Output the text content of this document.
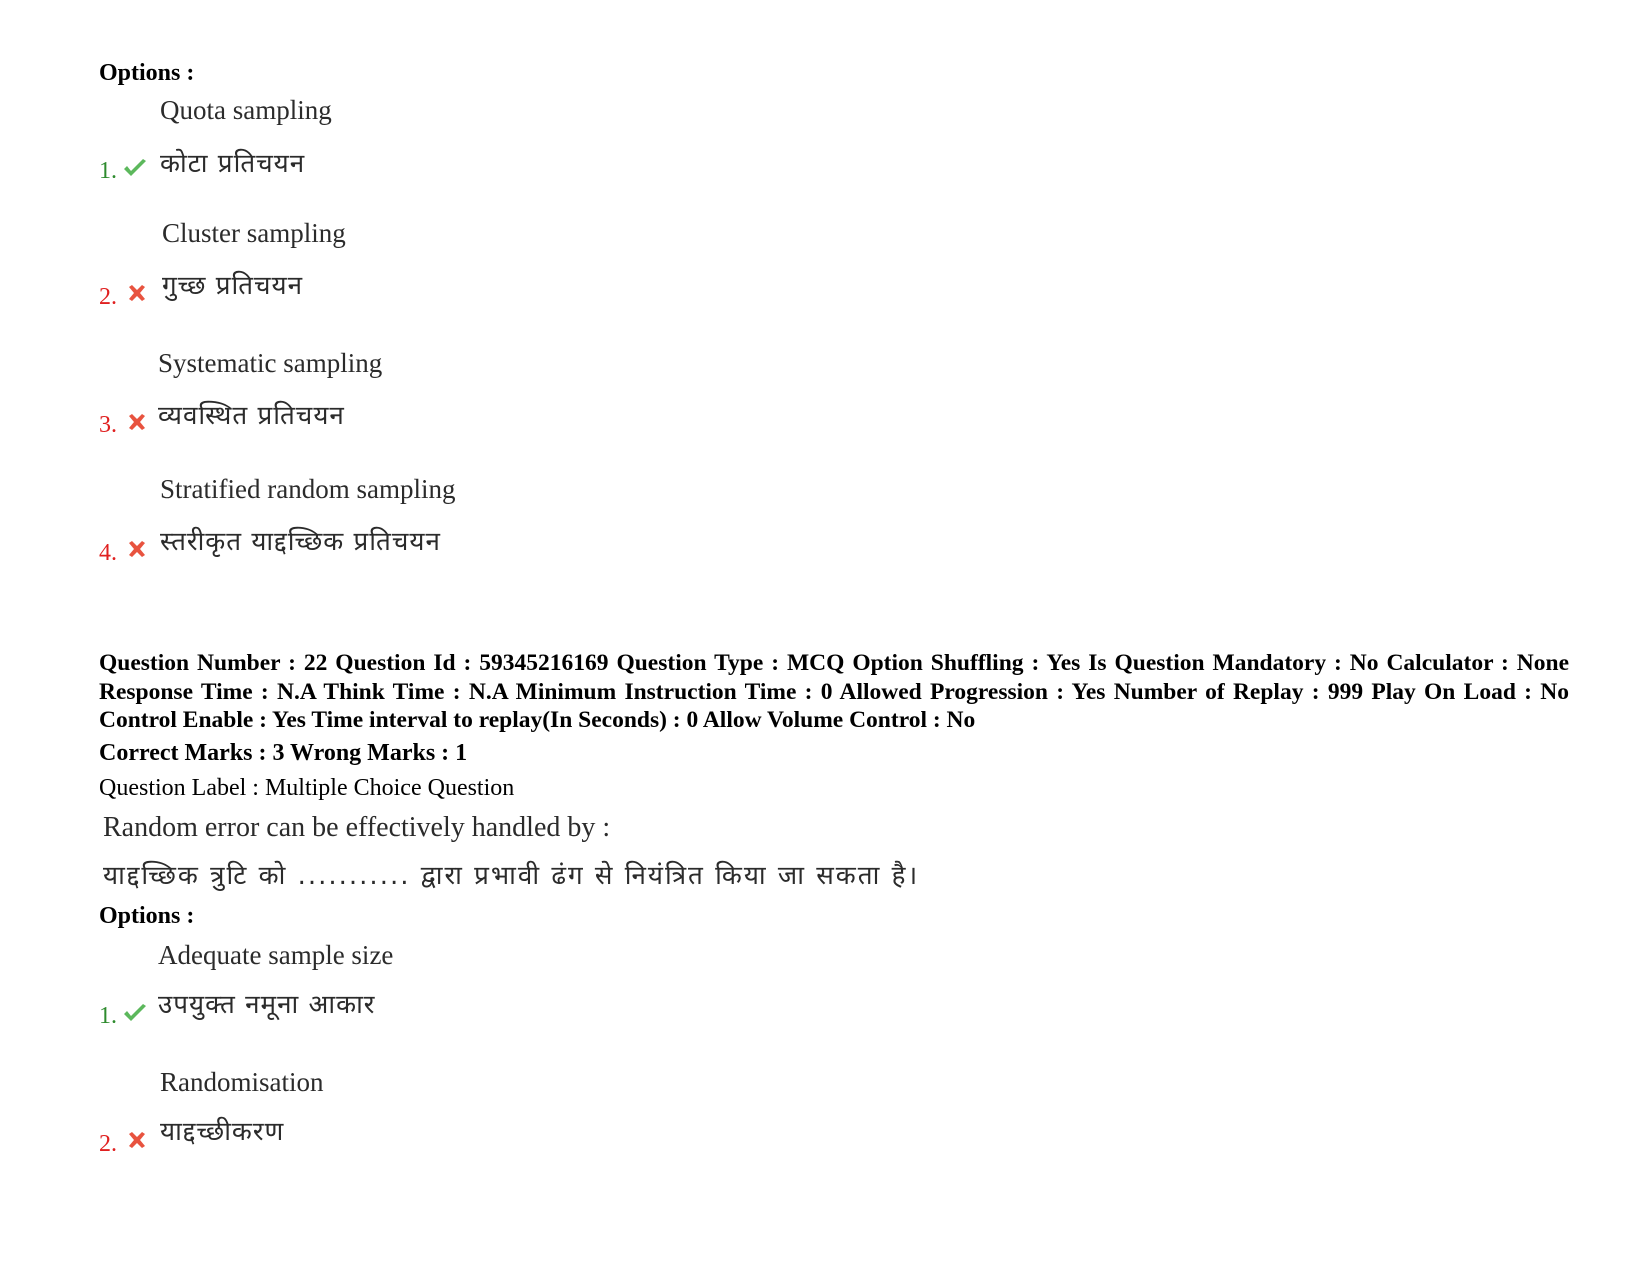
Options :
Quota sampling
कोटा प्रतिचयन
1.
Cluster sampling
गुच्छ प्रतिचयन
2.
Systematic sampling
व्यवस्थित प्रतिचयन
3.
Stratified random sampling
स्तरीकृत याद्दच्छिक प्रतिचयन
4.
Question Number : 22 Question Id : 59345216169 Question Type : MCQ Option Shuffling : Yes Is Question Mandatory : No Calculator : None Response Time : N.A Think Time : N.A Minimum Instruction Time : 0 Allowed Progression : Yes Number of Replay : 999 Play On Load : No Control Enable : Yes Time interval to replay(In Seconds) : 0 Allow Volume Control : No
Correct Marks : 3 Wrong Marks : 1
Question Label : Multiple Choice Question
Random error can be effectively handled by :
याद्दच्छिक त्रुटि को ........... द्वारा प्रभावी ढंग से नियंत्रित किया जा सकता है।
Options :
Adequate sample size
उपयुक्त नमूना आकार
1.
Randomisation
याद्दच्छीकरण
2.
